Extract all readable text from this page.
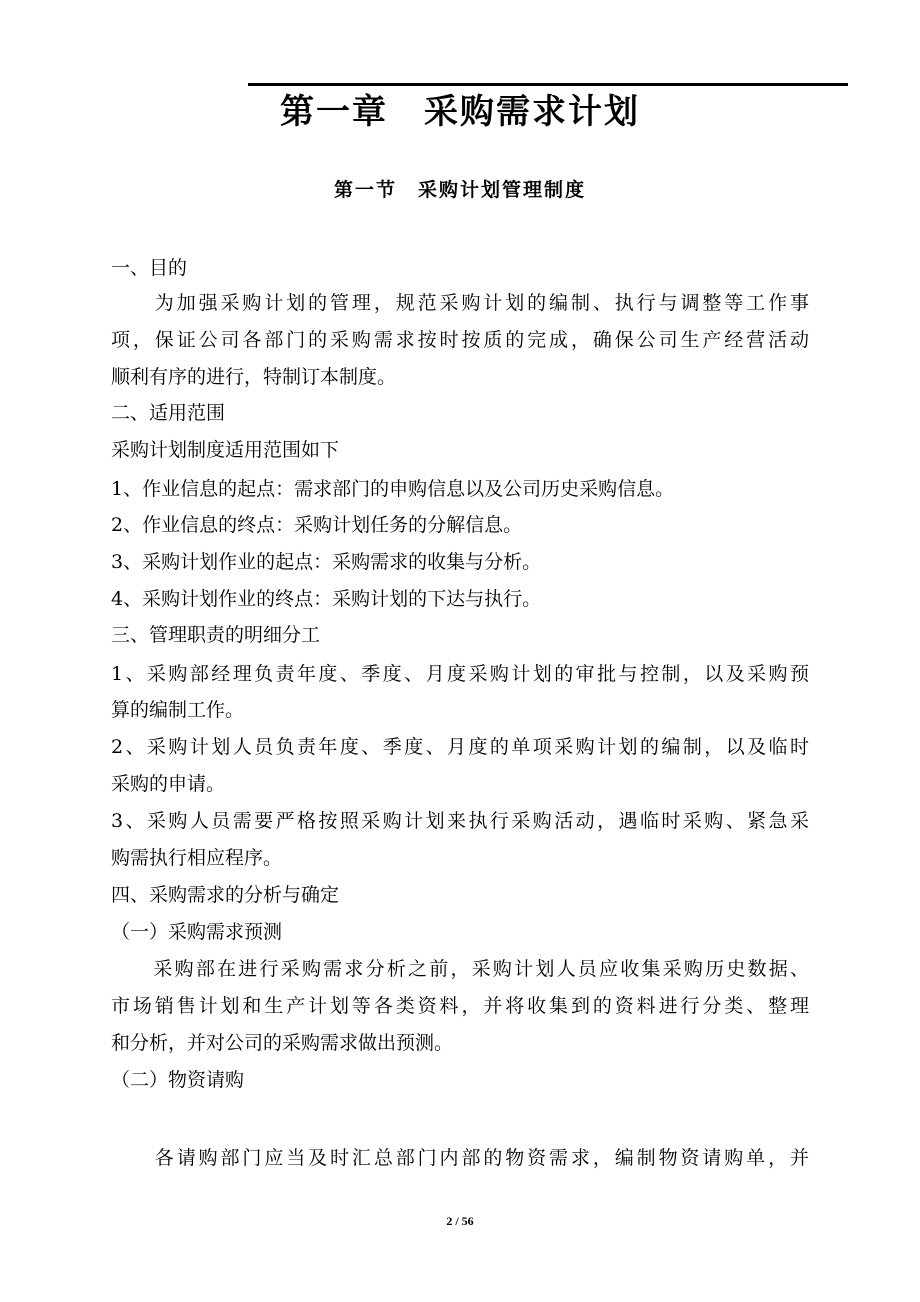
第一章　采购需求计划
第一节　采购计划管理制度

一、目的

　　为加强采购计划的管理，规范采购计划的编制、执行与调整等工作事

项，保证公司各部门的采购需求按时按质的完成，确保公司生产经营活动

顺利有序的进行，特制订本制度。

二、适用范围

采购计划制度适用范围如下

1、作业信息的起点：需求部门的申购信息以及公司历史采购信息。

2、作业信息的终点：采购计划任务的分解信息。

3、采购计划作业的起点：采购需求的收集与分析。

4、采购计划作业的终点：采购计划的下达与执行。

三、管理职责的明细分工

1、采购部经理负责年度、季度、月度采购计划的审批与控制，以及采购预

算的编制工作。

2、采购计划人员负责年度、季度、月度的单项采购计划的编制，以及临时

采购的申请。

3、采购人员需要严格按照采购计划来执行采购活动，遇临时采购、紧急采

购需执行相应程序。

四、采购需求的分析与确定

（一）采购需求预测

　　采购部在进行采购需求分析之前，采购计划人员应收集采购历史数据、

市场销售计划和生产计划等各类资料，并将收集到的资料进行分类、整理

和分析，并对公司的采购需求做出预测。

（二）物资请购

　　各请购部门应当及时汇总部门内部的物资需求，编制物资请购单，并

2 / 56
